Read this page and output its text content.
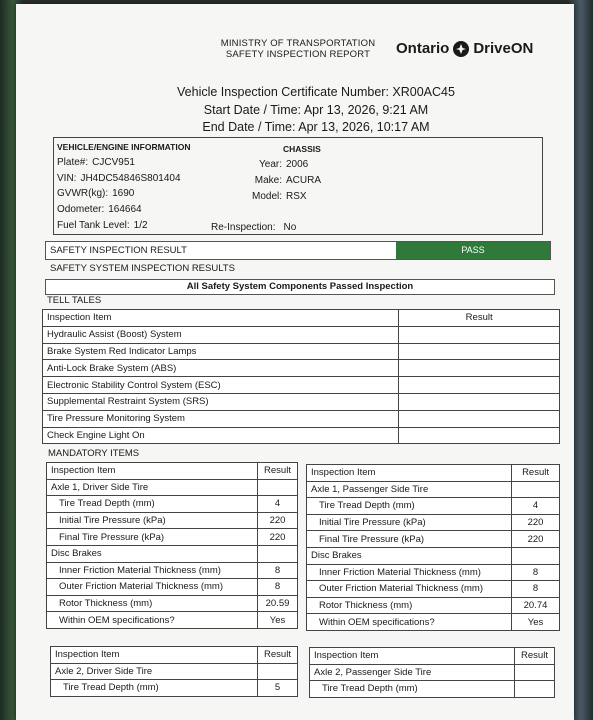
MINISTRY OF TRANSPORTATION
SAFETY INSPECTION REPORT	Ontario DriveON
Vehicle Inspection Certificate Number: XR00AC45
Start Date / Time: Apr 13, 2026, 9:21 AM
End Date / Time: Apr 13, 2026, 10:17 AM
VEHICLE/ENGINE INFORMATION	CHASSIS
Plate#: CJCV951
VIN: JH4DC54846S801404
GVWR(kg): 1690
Odometer: 164664
Fuel Tank Level: 1/2
Year: 2006
Make: ACURA
Model: RSX
Re-Inspection: No
SAFETY INSPECTION RESULT	PASS
SAFETY SYSTEM INSPECTION RESULTS
All Safety System Components Passed Inspection
TELL TALES
Inspection Item	Result
Hydraulic Assist (Boost) System	
Brake System Red Indicator Lamps	
Anti-Lock Brake System (ABS)	
Electronic Stability Control System (ESC)	
Supplemental Restraint System (SRS)	
Tire Pressure Monitoring System	
Check Engine Light On	
MANDATORY ITEMS
Inspection Item	Result
Axle 1, Driver Side Tire	
Tire Tread Depth (mm)	4
Initial Tire Pressure (kPa)	220
Final Tire Pressure (kPa)	220
Disc Brakes	
Inner Friction Material Thickness (mm)	8
Outer Friction Material Thickness (mm)	8
Rotor Thickness (mm)	20.59
Within OEM specifications?	Yes
Inspection Item	Result
Axle 1, Passenger Side Tire	
Tire Tread Depth (mm)	4
Initial Tire Pressure (kPa)	220
Final Tire Pressure (kPa)	220
Disc Brakes	
Inner Friction Material Thickness (mm)	8
Outer Friction Material Thickness (mm)	8
Rotor Thickness (mm)	20.74
Within OEM specifications?	Yes
Inspection Item	Result
Axle 2, Driver Side Tire	
Tire Tread Depth (mm)	5
Inspection Item	Result
Axle 2, Passenger Side Tire	
Tire Tread Depth (mm)	
